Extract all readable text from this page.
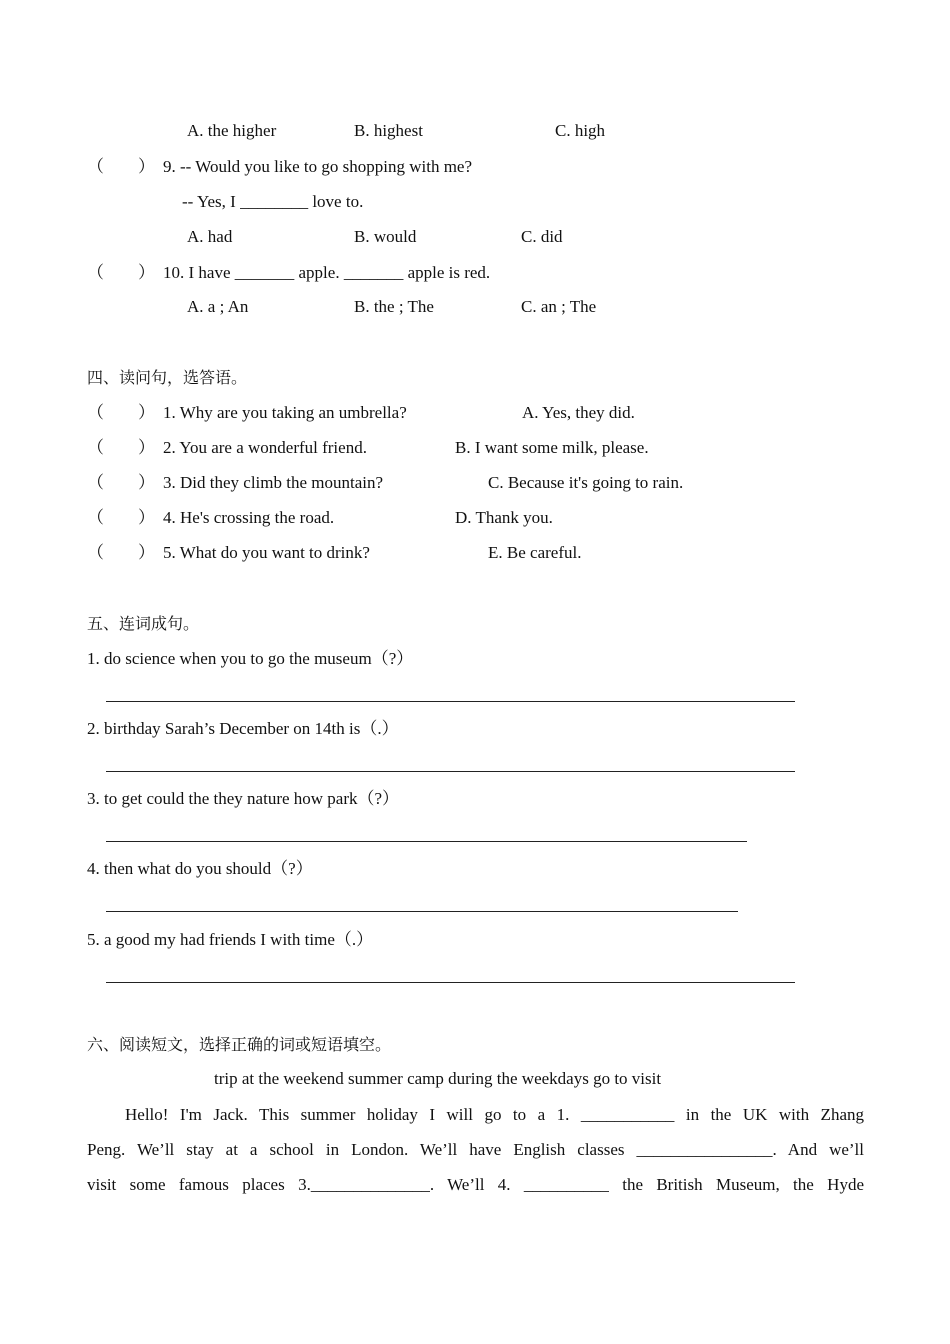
A. the higher	B. highest	C. high
（　　） 9. -- Would you like to go shopping with me?
-- Yes, I ________ love to.
A. had	B. would	C. did
（　　） 10. I have _______ apple. _______ apple is red.
A. a ; An	B. the ; The	C. an ; The
四、读问句，选答语。
（　　） 1. Why are you taking an umbrella?	A. Yes, they did.
（　　） 2. You are a wonderful friend.	B. I want some milk, please.
（　　） 3. Did they climb the mountain?	C. Because it's going to rain.
（　　） 4. He's crossing the road.	D. Thank you.
（　　） 5. What do you want to drink?	E. Be careful.
五、连词成句。
1. do science when you to go the museum（?）
2. birthday Sarah’s December on 14th is（.）
3. to get could the they nature how park（?）
4. then what do you should（?）
5. a good my had friends I with time（.）
六、阅读短文，选择正确的词或短语填空。
trip at the weekend summer camp during the weekdays go to visit
Hello! I'm Jack. This summer holiday I will go to a 1. ___________ in the UK with Zhang
Peng. We’ll stay at a school in London. We’ll have English classes ________________. And we’ll
visit some famous places 3.______________. We’ll 4. __________ the British Museum, the Hyde
